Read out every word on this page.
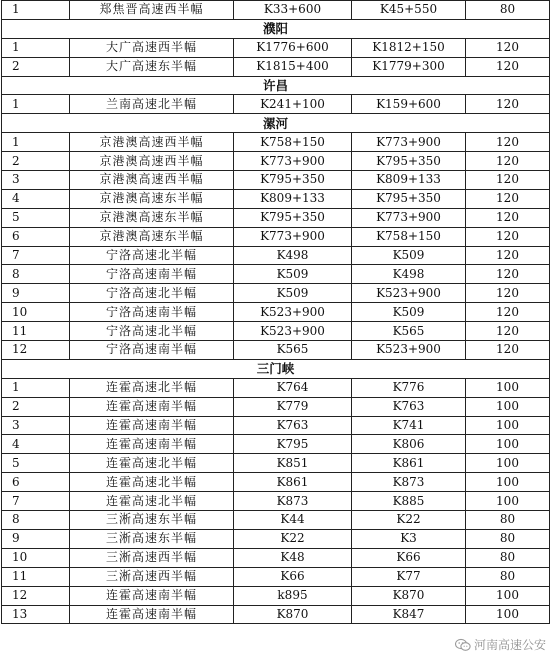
1	郑焦晋高速西半幅	K33+600	K45+550	80
濮阳				
1	大广高速西半幅	K1776+600	K1812+150	120
2	大广高速东半幅	K1815+400	K1779+300	120
许昌				
1	兰南高速北半幅	K241+100	K159+600	120
漯河				
1	京港澳高速西半幅	K758+150	K773+900	120
2	京港澳高速西半幅	K773+900	K795+350	120
3	京港澳高速西半幅	K795+350	K809+133	120
4	京港澳高速东半幅	K809+133	K795+350	120
5	京港澳高速东半幅	K795+350	K773+900	120
6	京港澳高速东半幅	K773+900	K758+150	120
7	宁洛高速北半幅	K498	K509	120
8	宁洛高速南半幅	K509	K498	120
9	宁洛高速北半幅	K509	K523+900	120
10	宁洛高速南半幅	K523+900	K509	120
11	宁洛高速北半幅	K523+900	K565	120
12	宁洛高速南半幅	K565	K523+900	120
三门峡				
1	连霍高速北半幅	K764	K776	100
2	连霍高速南半幅	K779	K763	100
3	连霍高速南半幅	K763	K741	100
4	连霍高速南半幅	K795	K806	100
5	连霍高速北半幅	K851	K861	100
6	连霍高速北半幅	K861	K873	100
7	连霍高速北半幅	K873	K885	100
8	三淅高速东半幅	K44	K22	80
9	三淅高速东半幅	K22	K3	80
10	三淅高速西半幅	K48	K66	80
11	三淅高速西半幅	K66	K77	80
12	连霍高速南半幅	k895	K870	100
13	连霍高速南半幅	K870	K847	100
河南高速公安
